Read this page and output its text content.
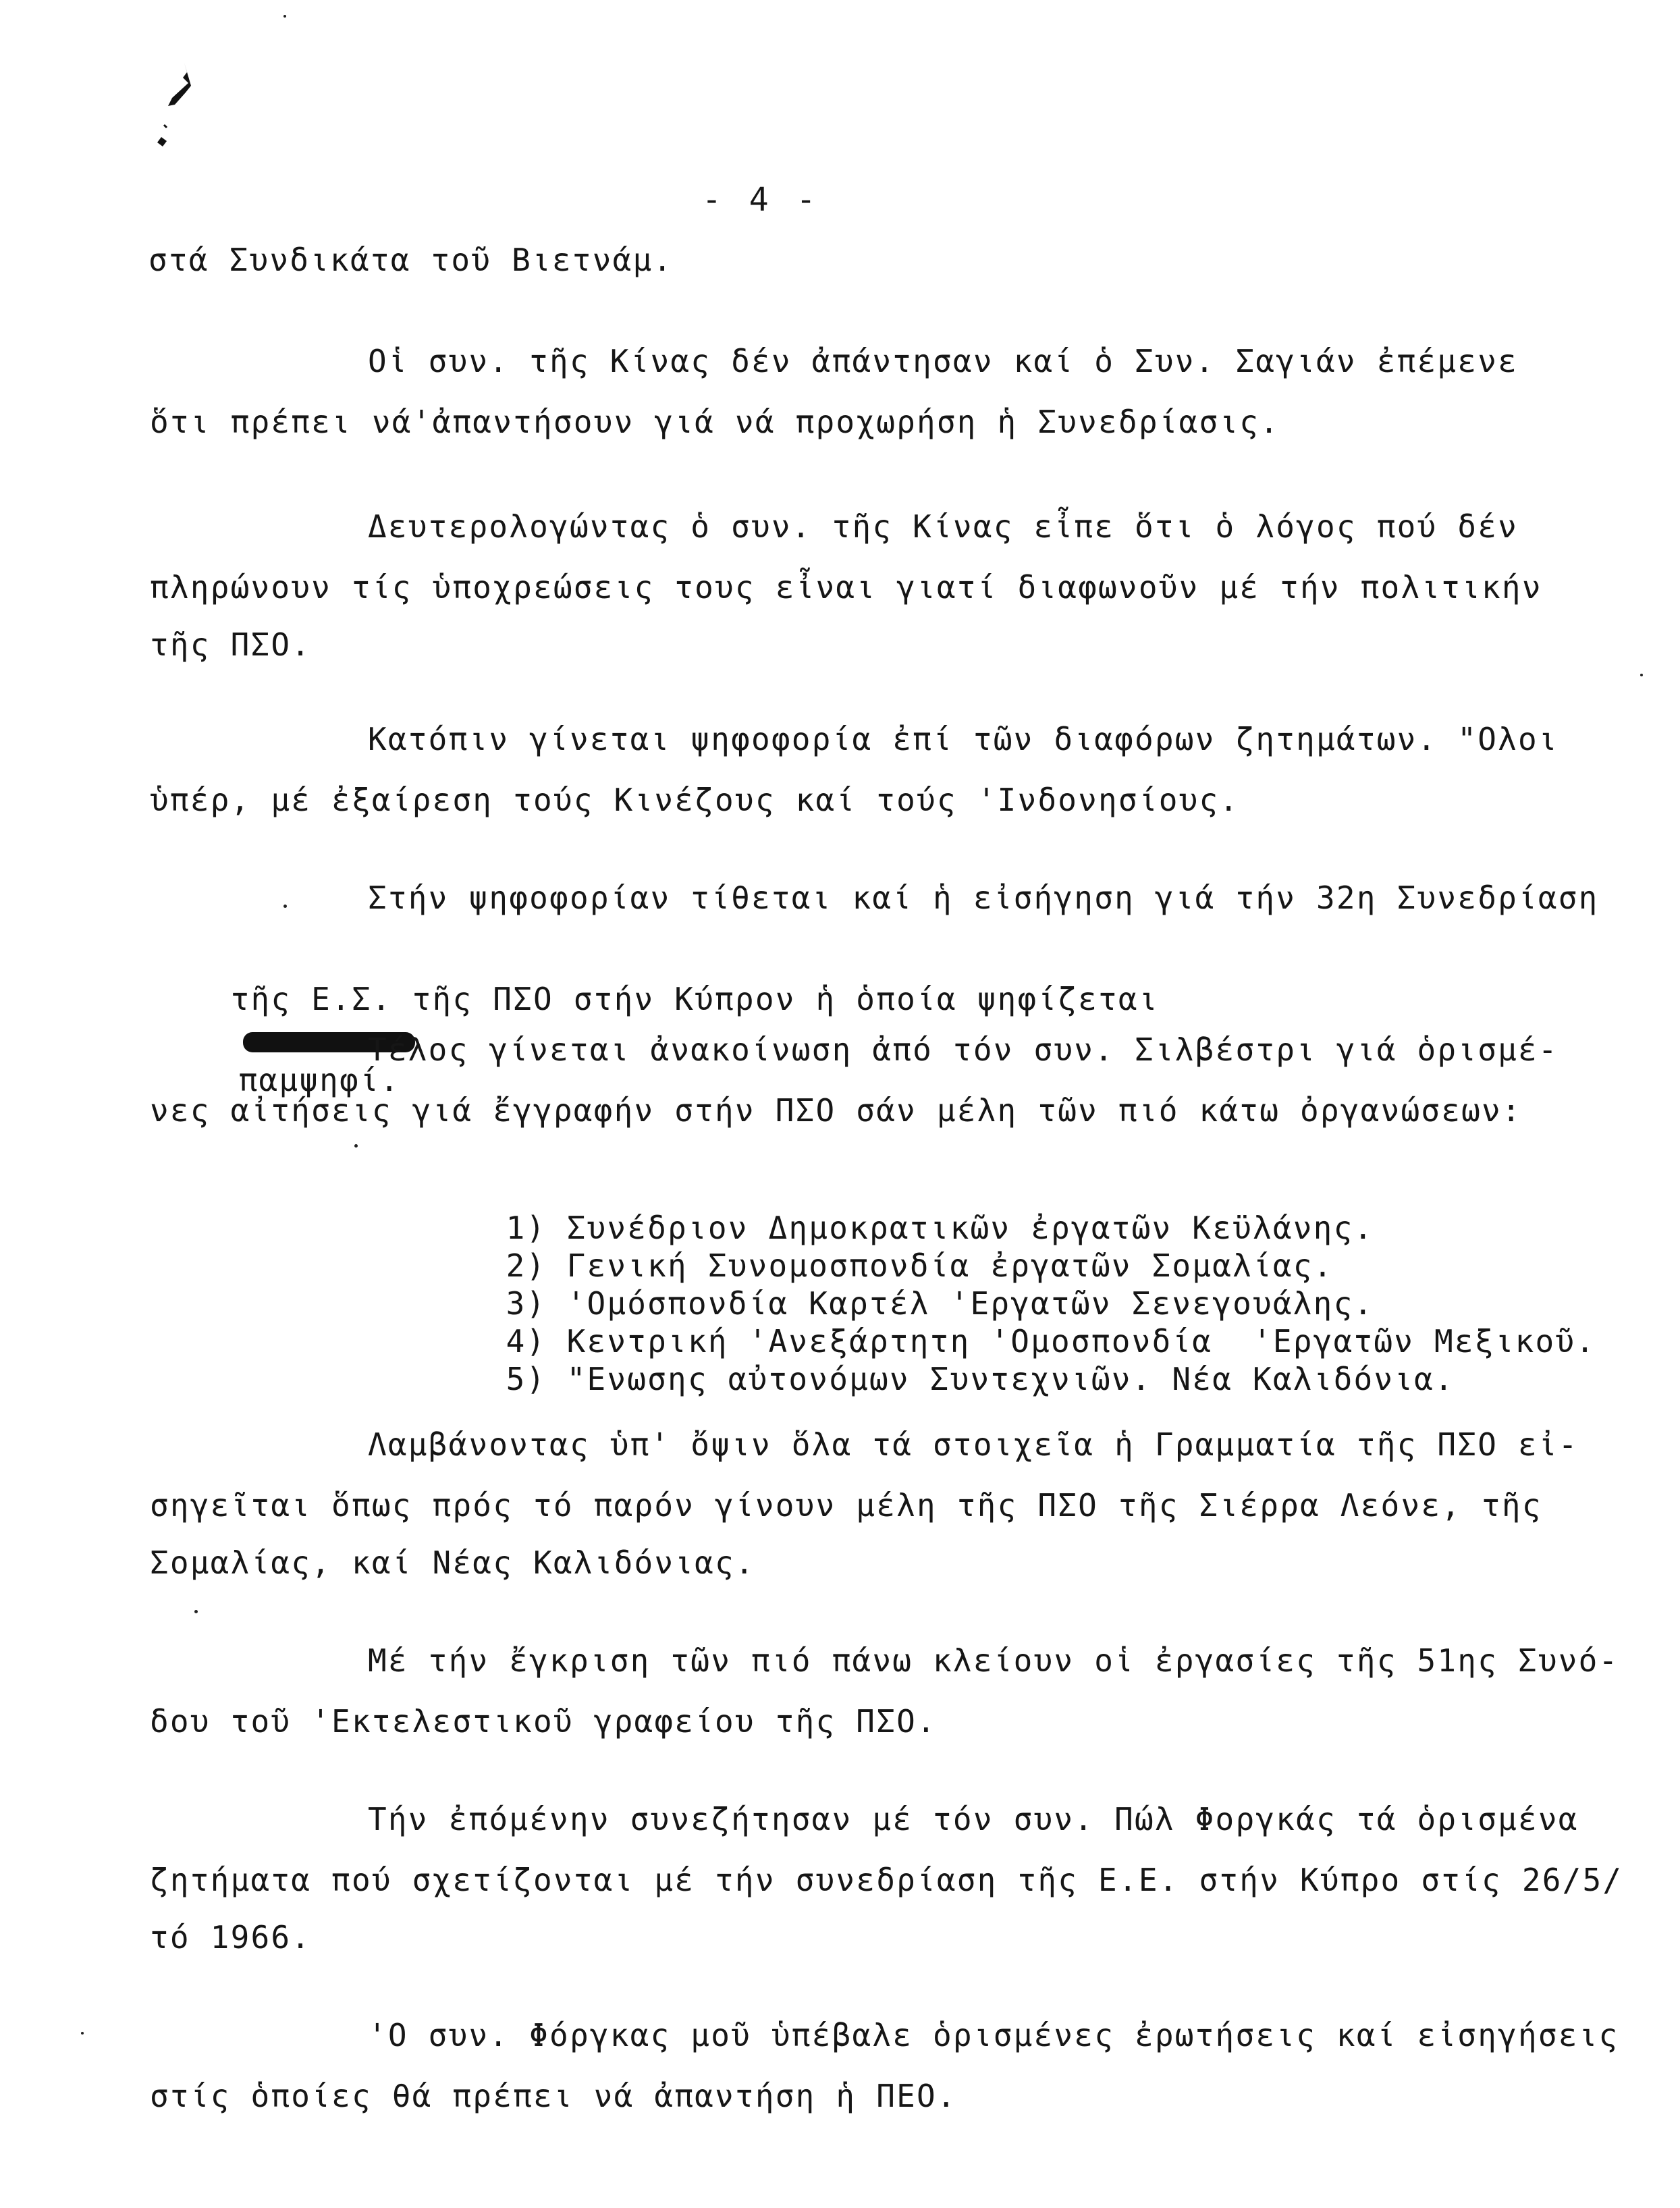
- 4 -
στά Συνδικάτα τοῦ Βιετνάμ.
Οἱ συν. τῆς Κίνας δέν ἀπάντησαν καί ὁ Συν. Σαγιάν ἐπέμενε
ὅτι πρέπει νά'ἀπαντήσουν γιά νά προχωρήση ἡ Συνεδρίασις.
Δευτερολογώντας ὁ συν. τῆς Κίνας εἶπε ὅτι ὁ λόγος πού δέν
πληρώνουν τίς ὑποχρεώσεις τους εἶναι γιατί διαφωνοῦν μέ τήν πολιτικήν
τῆς ΠΣΟ.
Κατόπιν γίνεται ψηφοφορία ἐπί τῶν διαφόρων ζητημάτων. "Ολοι
ὑπέρ, μέ ἐξαίρεση τούς Κινέζους καί τούς 'Ινδονησίους.
Στήν ψηφοφορίαν τίθεται καί ἡ εἰσήγηση γιά τήν 32η Συνεδρίαση

τῆς Ε.Σ. τῆς ΠΣΟ στήν Κύπρον ἡ ὁποία ψηφίζεται

παμψηφί.

Τέλος γίνεται ἀνακοίνωση ἀπό τόν συν. Σιλβέστρι γιά ὁρισμέ-
νες αἰτήσεις γιά ἔγγραφήν στήν ΠΣΟ σάν μέλη τῶν πιό κάτω ὀργανώσεων:

1) Συνέδριον Δημοκρατικῶν ἐργατῶν Κεϋλάνης.

2) Γενική Συνομοσπονδία ἐργατῶν Σομαλίας.

3) 'Ομόσπονδία Καρτέλ 'Εργατῶν Σενεγουάλης.

4) Κεντρική 'Ανεξάρτητη 'Ομοσπονδία  'Εργατῶν Μεξικοῦ.

5) "Ενωσης αὐτονόμων Συντεχνιῶν. Νέα Καλιδόνια.

Λαμβάνοντας ὑπ' ὄψιν ὅλα τά στοιχεῖα ἡ Γραμματία τῆς ΠΣΟ εἰ-
σηγεῖται ὅπως πρός τό παρόν γίνουν μέλη τῆς ΠΣΟ τῆς Σιέρρα Λεόνε, τῆς
Σομαλίας, καί Νέας Καλιδόνιας.
Μέ τήν ἔγκριση τῶν πιό πάνω κλείουν οἱ ἐργασίες τῆς 51ης Συνό-
δου τοῦ 'Εκτελεστικοῦ γραφείου τῆς ΠΣΟ.
Τήν ἐπόμένην συνεζήτησαν μέ τόν συν. Πώλ Φοργκάς τά ὁρισμένα
ζητήματα πού σχετίζονται μέ τήν συνεδρίαση τῆς Ε.Ε. στήν Κύπρο στίς 26/5/
τό 1966.
'Ο συν. Φόργκας μοῦ ὑπέβαλε ὁρισμένες ἐρωτήσεις καί εἰσηγήσεις
στίς ὁποίες θά πρέπει νά ἀπαντήση ἡ ΠΕΟ.
